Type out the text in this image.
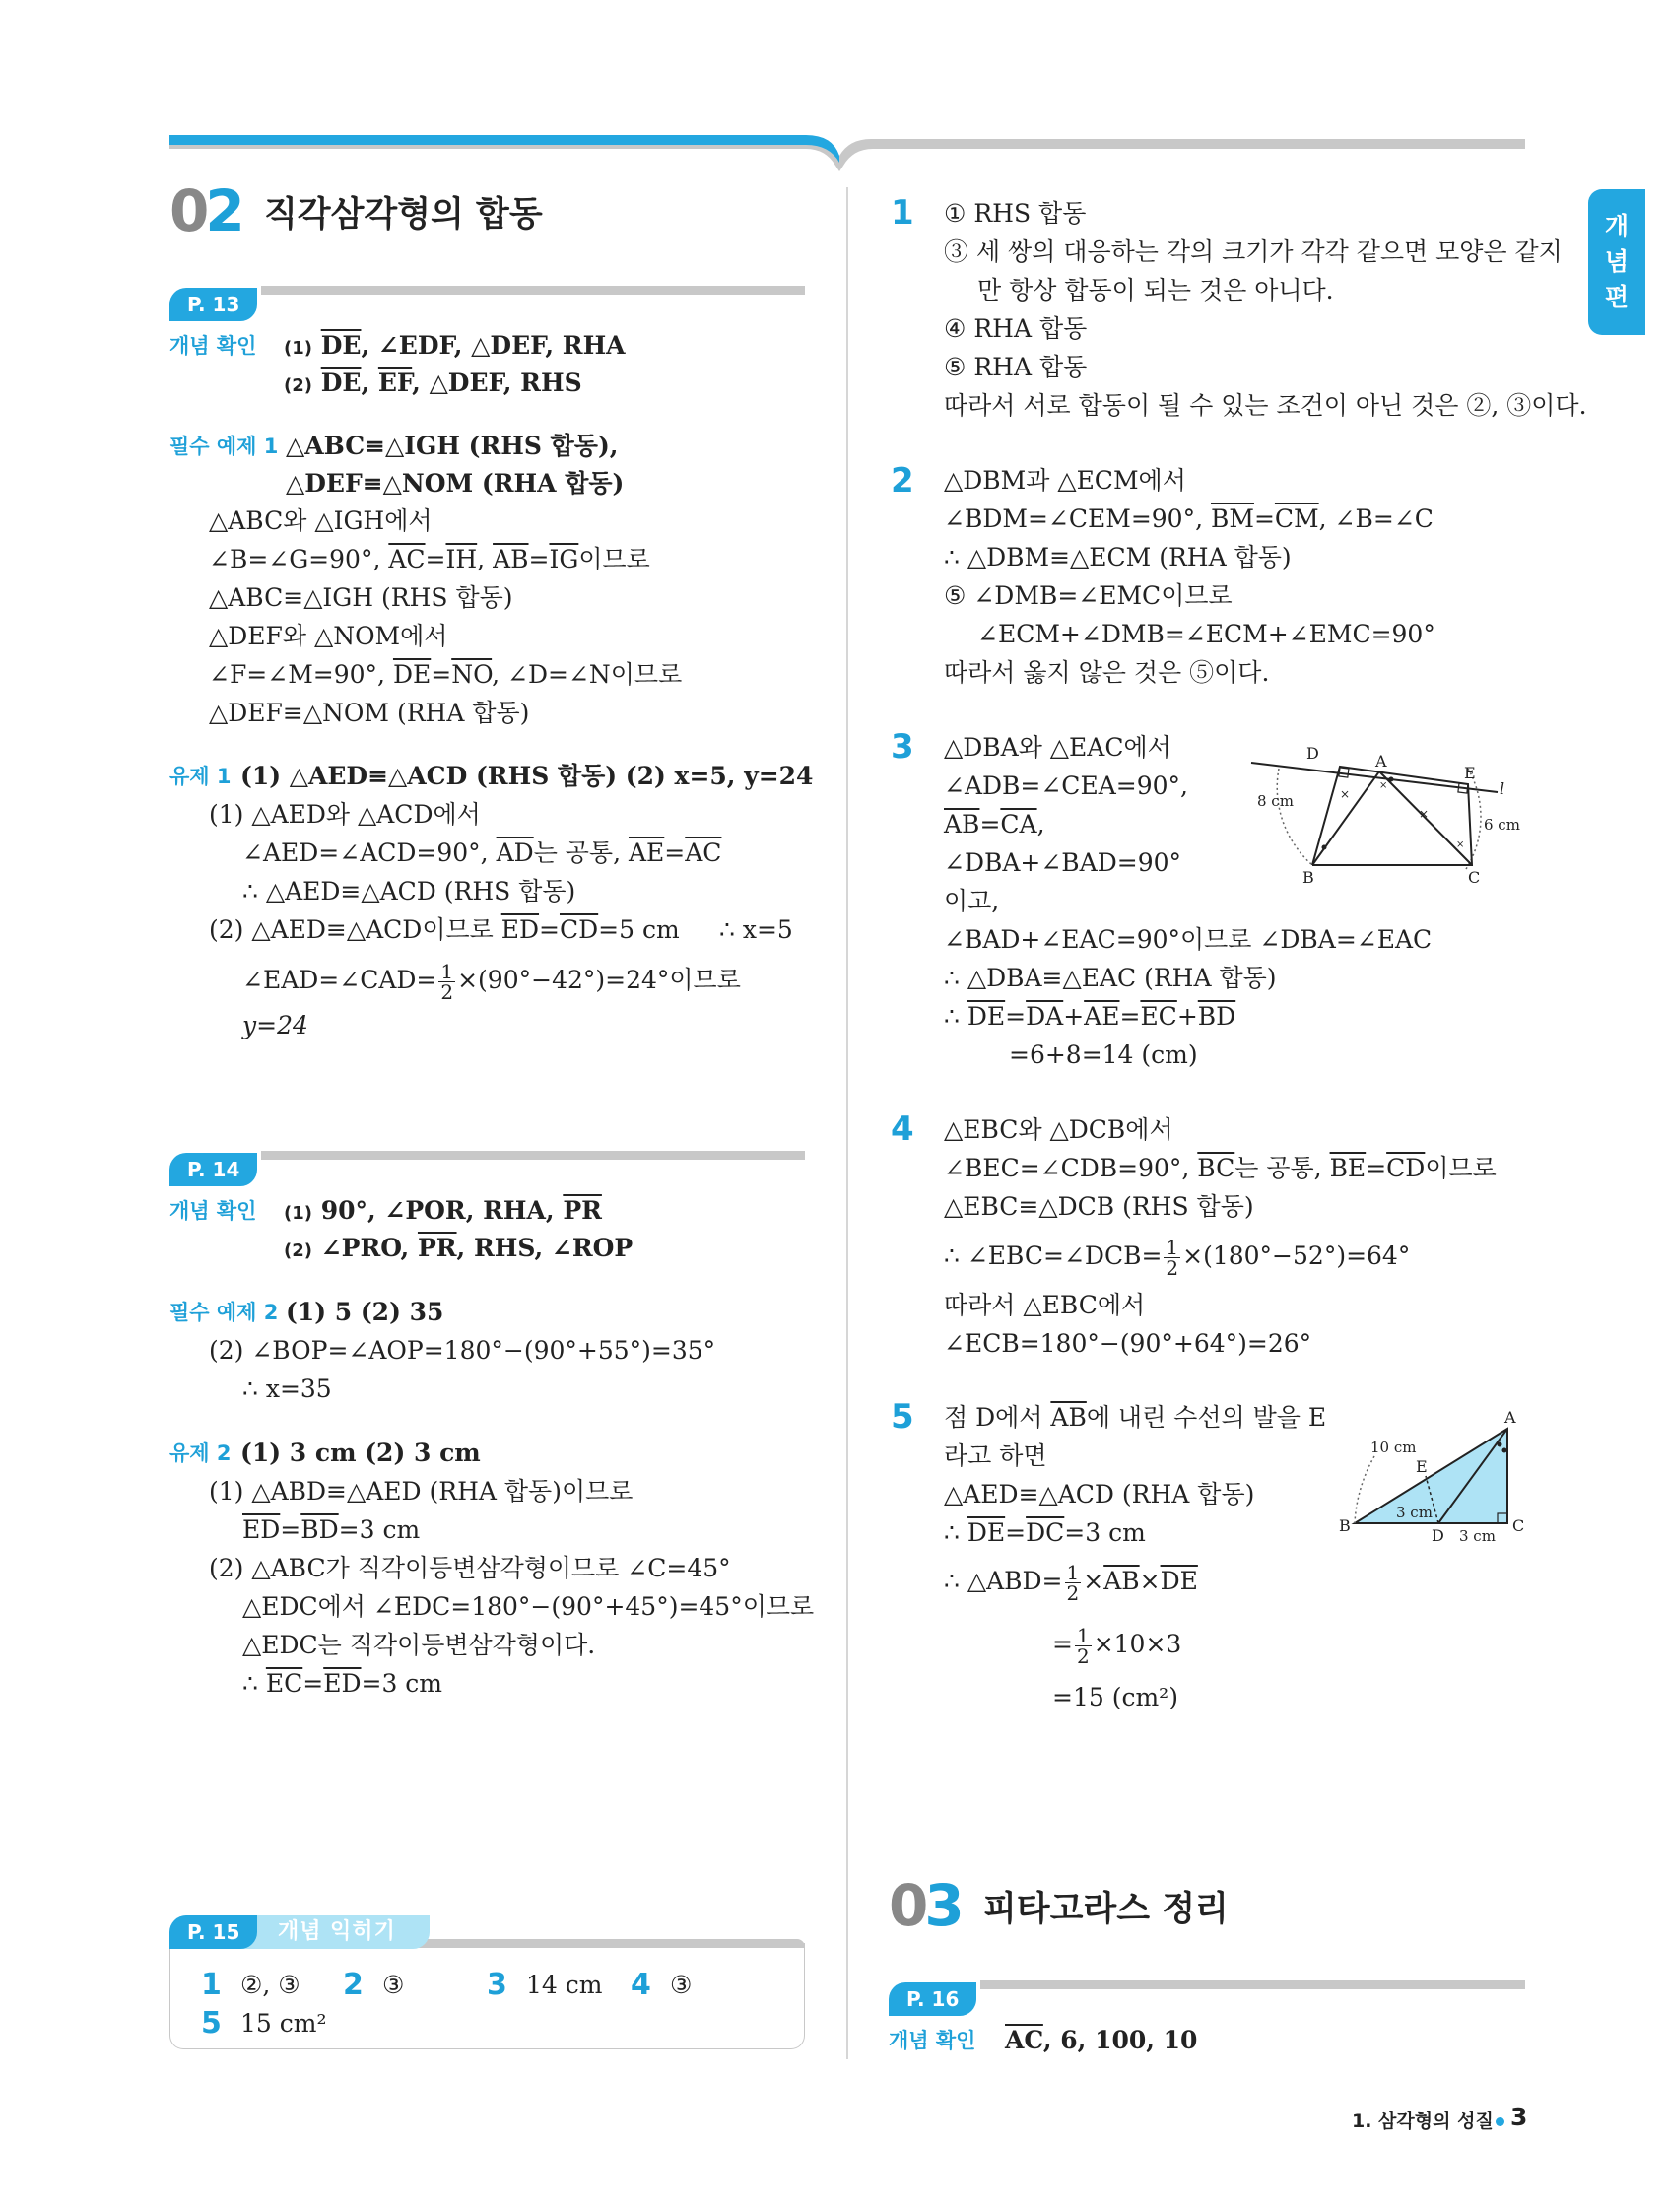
개
념
편
02 직각삼각형의 합동
P. 13
개념 확인 (1) $\overline{DE}$, ∠EDF, △DEF, RHA
(2) $\overline{DE}$, $\overline{EF}$, △DEF, RHS
필수 예제 1 △ABC≡△IGH (RHS 합동),
△DEF≡△NOM (RHA 합동)
△ABC와 △IGH에서
∠B=∠G=90°, $\overline{AC}=\overline{IH}$, $\overline{AB}=\overline{IG}$이므로
△ABC≡△IGH (RHS 합동)
△DEF와 △NOM에서
∠F=∠M=90°, $\overline{DE}=\overline{NO}$, ∠D=∠N이므로
△DEF≡△NOM (RHA 합동)
유제 1 (1) △AED≡△ACD (RHS 합동) (2) x=5, y=24
(1) △AED와 △ACD에서
∠AED=∠ACD=90°, $\overline{AD}$는 공통, $\overline{AE}=\overline{AC}$
∴ △AED≡△ACD (RHS 합동)
(2) △AED≡△ACD이므로 $\overline{ED}=\overline{CD}=5$ cm ∴ x=5
∠EAD=∠CAD= $\frac{1}{2} \times(90^\circ-42^\circ)=24^\circ$이므로
y=24
P. 14
개념 확인 (1) 90°, ∠POR, RHA, $\overline{PR}$
(2) ∠PRO, $\overline{PR}$, RHS, ∠ROP
필수 예제 2 (1) 5 (2) 35
(2) ∠BOP=∠AOP=180°−(90°+55°)=35°
∴ x=35
유제 2 (1) 3 cm (2) 3 cm
(1) △ABD≡△AED (RHA 합동)이므로
$\overline{ED}=\overline{BD}=3$ cm
(2) △ABC가 직각이등변삼각형이므로 ∠C=45°
△EDC에서 ∠EDC=180°−(90°+45°)=45°이므로
△EDC는 직각이등변삼각형이다.
∴ $\overline{EC}=\overline{ED}=3$ cm
P. 15	개념 익히기
1 ②, ③ 2 ③	3 14 cm 4 ③
5 15 cm²
1 ① RHS 합동
③ 세 쌍의 대응하는 각의 크기가 각각 같으면 모양은 같지
만 항상 합동이 되는 것은 아니다.
④ RHA 합동
⑤ RHA 합동
따라서 서로 합동이 될 수 있는 조건이 아닌 것은 ②, ③이다.
2 △DBM과 △ECM에서
∠BDM=∠CEM=90°, $\overline{BM}=\overline{CM}$, ∠B=∠C
∴ △DBM≡△ECM (RHA 합동)
⑤ ∠DMB=∠EMC이므로
∠ECM+∠DMB=∠ECM+∠EMC=90°
따라서 옳지 않은 것은 ⑤이다.
3 △DBA와 △EAC에서
∠ADB=∠CEA=90°,
$\overline{AB}=\overline{CA}$,
∠DBA+∠BAD=90°
이고,
∠BAD+∠EAC=90°이므로 ∠DBA=∠EAC
∴ △DBA≡△EAC (RHA 합동)
∴ $\overline{DE}=\overline{DA}+\overline{AE}=\overline{EC}+\overline{BD}$
=6+8=14 (cm)
×
×
×
×
D	A
E
l
B	C
8 cm
6 cm
4 △EBC와 △DCB에서
∠BEC=∠CDB=90°, $\overline{BC}$는 공통, $\overline{BE}=\overline{CD}$이므로
△EBC≡△DCB (RHS 합동)
∴ ∠EBC=∠DCB= $\frac{1}{2} \times(180^\circ-52^\circ)=64^\circ$
따라서 △EBC에서
∠ECB=180°−(90°+64°)=26°
5 점 D에서 $\overline{AB}$에 내린 수선의 발을 E
라고 하면
△AED≡△ACD (RHA 합동)
∴ $\overline{DE}=\overline{DC}=3$ cm
∴ △ABD= $\frac{1}{2} \times\overline{AB}\times\overline{DE}$
= $\frac{1}{2} \times 10\times 3$
=15 (cm²)
A
B	C
D
E
10 cm
3 cm
3 cm
03 피타고라스 정리
P. 16
개념 확인 $\overline{AC}$, 6, 100, 10
1. 삼각형의 성질 3
